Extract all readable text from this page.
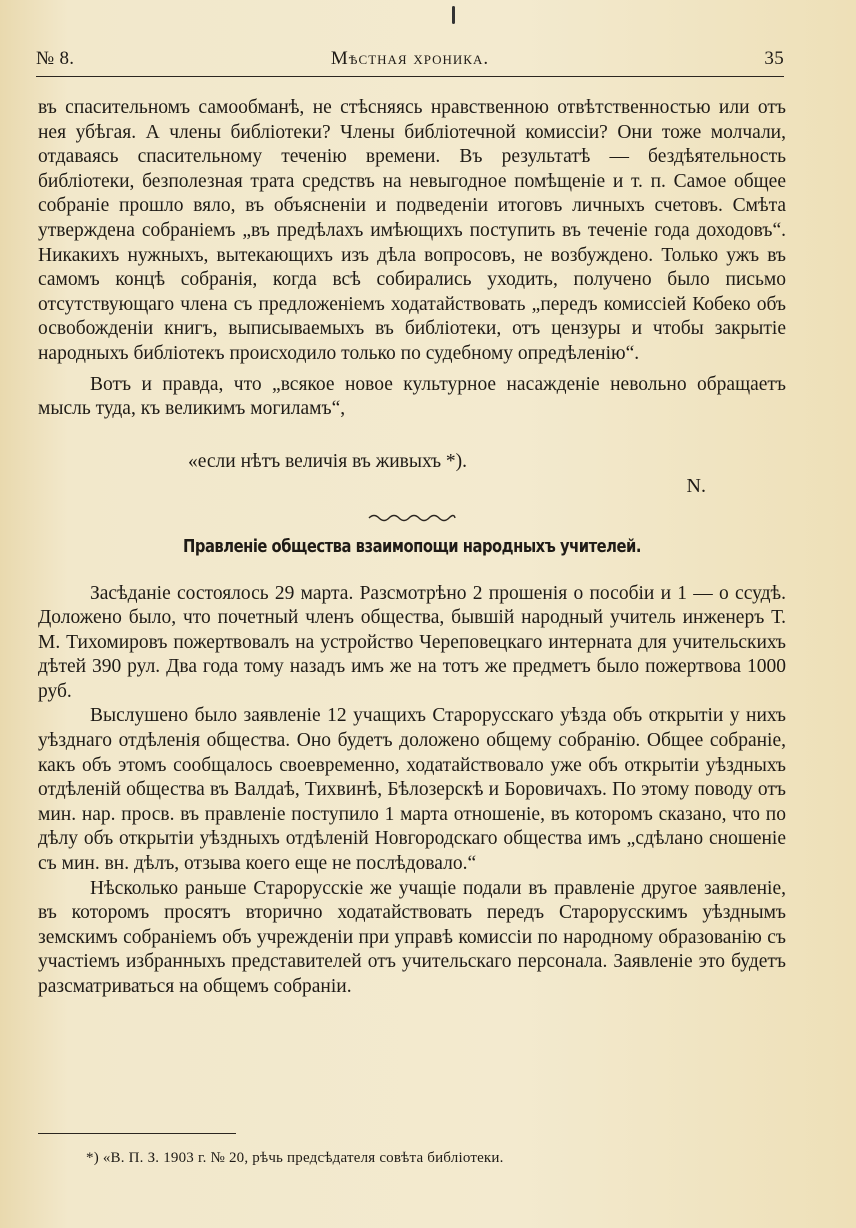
№ 8.	Мѣстная хроника.	35

въ спасительномъ самообманѣ, не стѣсняясь нравственною отвѣтственностью или отъ нея убѣгая. А члены библіотеки? Члены библіотечной комиссіи? Они тоже молчали, отдаваясь спасительному теченію времени. Въ результатѣ — бездѣятельность библіотеки, безполезная трата средствъ на невыгодное помѣщеніе и т. п. Самое общее собраніе прошло вяло, въ объясненіи и подведеніи итоговъ личныхъ счетовъ. Смѣта утверждена собраніемъ „въ предѣлахъ имѣющихъ поступить въ теченіе года доходовъ“. Никакихъ нужныхъ, вытекающихъ изъ дѣла вопросовъ, не возбуждено. Только ужъ въ самомъ концѣ собранія, когда всѣ собирались уходить, получено было письмо отсутствующаго члена съ предложеніемъ ходатайствовать „передъ комиссіей Кобеко объ освобожденіи книгъ, выписываемыхъ въ библіотеки, отъ цензуры и чтобы закрытіе народныхъ библіотекъ происходило только по судебному опредѣленію“.

Вотъ и правда, что „всякое новое культурное насажденіе невольно обращаетъ мысль туда, къ великимъ могиламъ“,

«если нѣтъ величія въ живыхъ *).

N.

Правленіе общества взаимопощи народныхъ учителей.

Засѣданіе состоялось 29 марта. Разсмотрѣно 2 прошенія о пособіи и 1 — о ссудѣ. Доложено было, что почетный членъ общества, бывшій народный учитель инженеръ Т. М. Тихомировъ пожертвовалъ на устройство Череповецкаго интерната для учительскихъ дѣтей 390 рул. Два года тому назадъ имъ же на тотъ же предметъ было пожертвова 1000 руб.

Выслушено было заявленіе 12 учащихъ Старорусскаго уѣзда объ открытіи у нихъ уѣзднаго отдѣленія общества. Оно будетъ доложено общему собранію. Общее собраніе, какъ объ этомъ сообщалось своевременно, ходатайствовало уже объ открытіи уѣздныхъ отдѣленій общества въ Валдаѣ, Тихвинѣ, Бѣлозерскѣ и Боровичахъ. По этому поводу отъ мин. нар. просв. въ правленіе поступило 1 марта отношеніе, въ которомъ сказано, что по дѣлу объ открытіи уѣздныхъ отдѣленій Новгородскаго общества имъ „сдѣлано сношеніе съ мин. вн. дѣлъ, отзыва коего еще не послѣдовало.“

Нѣсколько раньше Старорусскіе же учащіе подали въ правленіе другое заявленіе, въ которомъ просятъ вторично ходатайствовать передъ Старорусскимъ уѣзднымъ земскимъ собраніемъ объ учрежденіи при управѣ комиссіи по народному образованію съ участіемъ избранныхъ представителей отъ учительскаго персонала. Заявленіе это будетъ разсматриваться на общемъ собраніи.

*) «В. П. З. 1903 г. № 20, рѣчь предсѣдателя совѣта библіотеки.
